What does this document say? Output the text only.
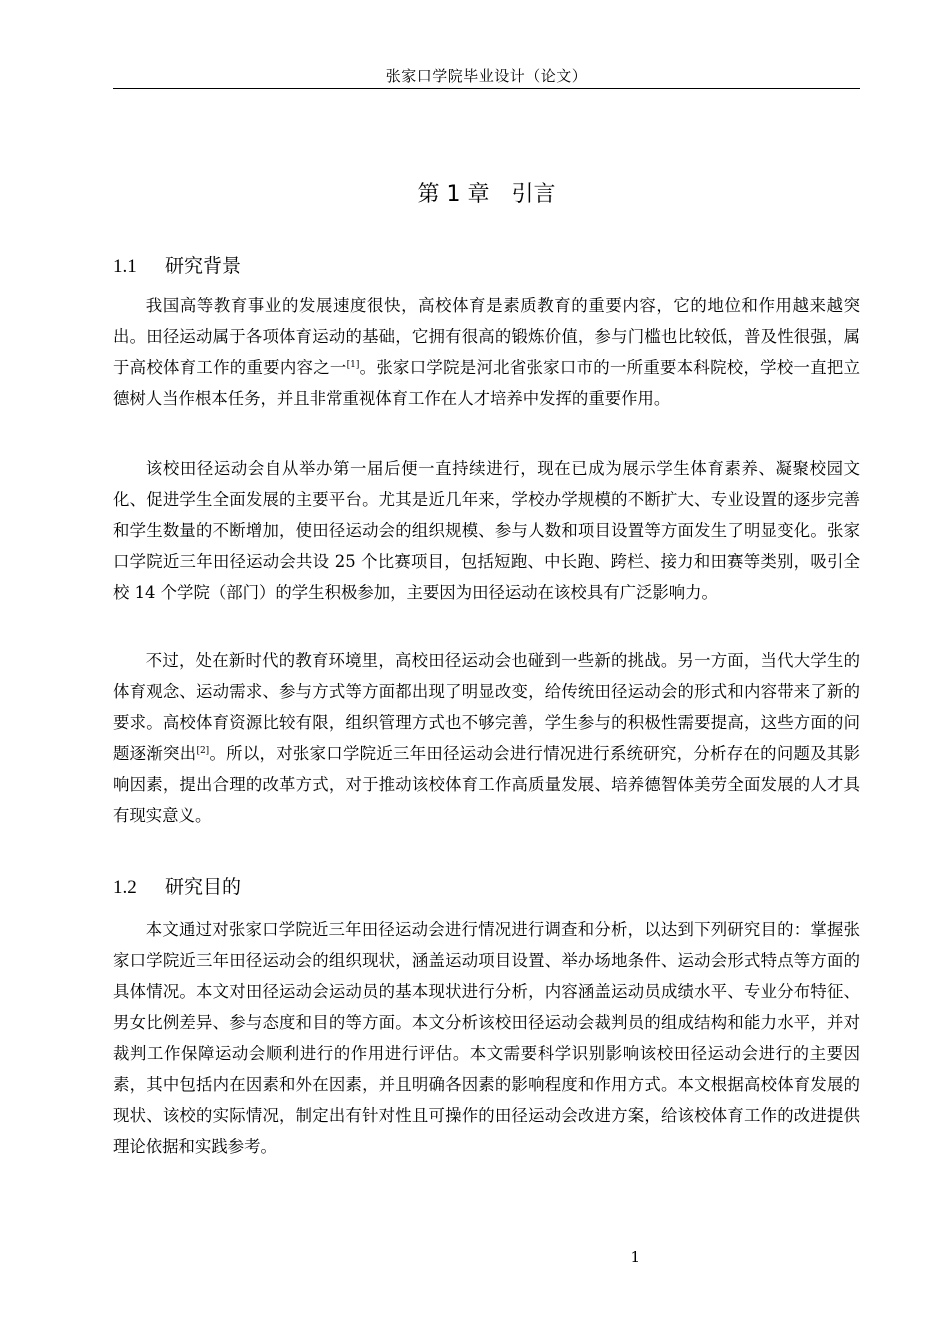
张家口学院毕业设计（论文）
第 1 章 引言
1.1 研究背景

我国高等教育事业的发展速度很快，高校体育是素质教育的重要内容，它的地位和作用越来越突出。田径运动属于各项体育运动的基础，它拥有很高的锻炼价值，参与门槛也比较低，普及性很强，属于高校体育工作的重要内容之一[1]。张家口学院是河北省张家口市的一所重要本科院校，学校一直把立德树人当作根本任务，并且非常重视体育工作在人才培养中发挥的重要作用。

该校田径运动会自从举办第一届后便一直持续进行，现在已成为展示学生体育素养、凝聚校园文化、促进学生全面发展的主要平台。尤其是近几年来，学校办学规模的不断扩大、专业设置的逐步完善和学生数量的不断增加，使田径运动会的组织规模、参与人数和项目设置等方面发生了明显变化。张家口学院近三年田径运动会共设 25 个比赛项目，包括短跑、中长跑、跨栏、接力和田赛等类别，吸引全校 14 个学院（部门）的学生积极参加，主要因为田径运动在该校具有广泛影响力。

不过，处在新时代的教育环境里，高校田径运动会也碰到一些新的挑战。另一方面，当代大学生的体育观念、运动需求、参与方式等方面都出现了明显改变，给传统田径运动会的形式和内容带来了新的要求。高校体育资源比较有限，组织管理方式也不够完善，学生参与的积极性需要提高，这些方面的问题逐渐突出[2]。所以，对张家口学院近三年田径运动会进行情况进行系统研究，分析存在的问题及其影响因素，提出合理的改革方式，对于推动该校体育工作高质量发展、培养德智体美劳全面发展的人才具有现实意义。

1.2 研究目的

本文通过对张家口学院近三年田径运动会进行情况进行调查和分析，以达到下列研究目的：掌握张家口学院近三年田径运动会的组织现状，涵盖运动项目设置、举办场地条件、运动会形式特点等方面的具体情况。本文对田径运动会运动员的基本现状进行分析，内容涵盖运动员成绩水平、专业分布特征、男女比例差异、参与态度和目的等方面。本文分析该校田径运动会裁判员的组成结构和能力水平，并对裁判工作保障运动会顺利进行的作用进行评估。本文需要科学识别影响该校田径运动会进行的主要因素，其中包括内在因素和外在因素，并且明确各因素的影响程度和作用方式。本文根据高校体育发展的现状、该校的实际情况，制定出有针对性且可操作的田径运动会改进方案，给该校体育工作的改进提供理论依据和实践参考。

1
